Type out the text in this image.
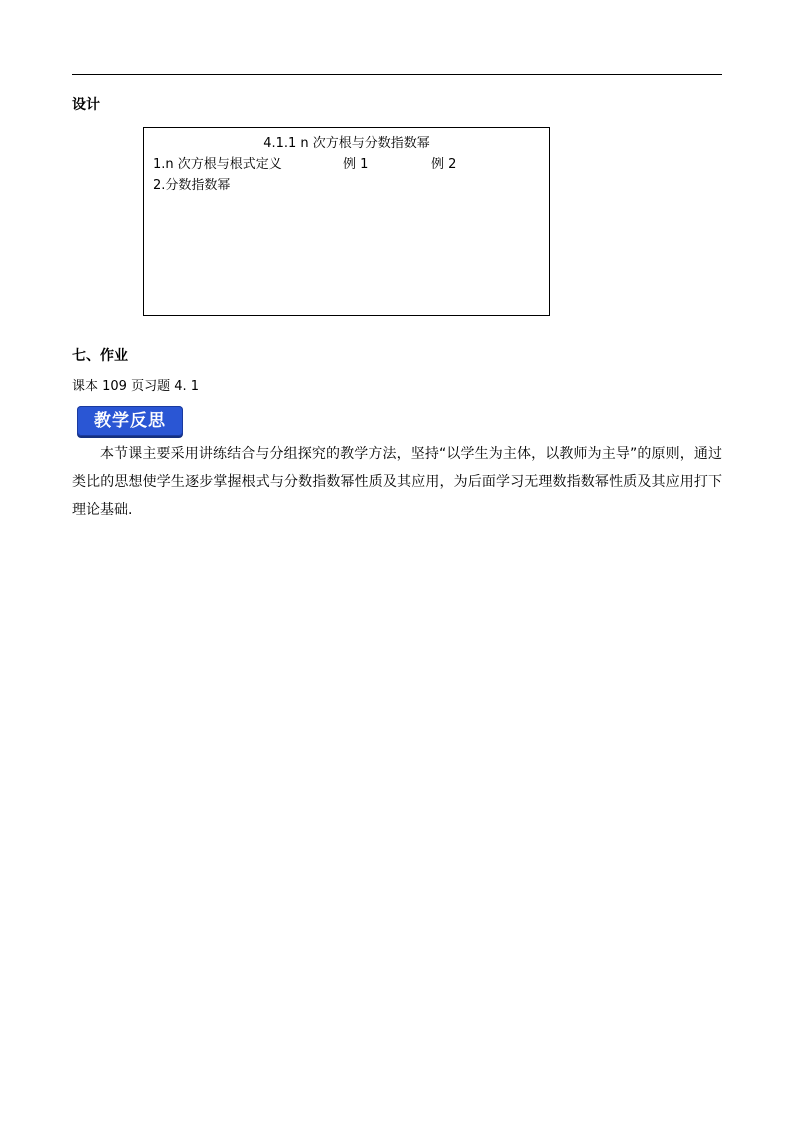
设计
4.1.1 n 次方根与分数指数幂
1.n 次方根与根式定义	例 1	例 2
2.分数指数幂
七、作业
课本 109 页习题 4. 1
教学反思
本节课主要采用讲练结合与分组探究的教学方法，坚持“以学生为主体，以教师为主导”的原则，通过类比的思想使学生逐步掌握根式与分数指数幂性质及其应用，为后面学习无理数指数幂性质及其应用打下理论基础.
